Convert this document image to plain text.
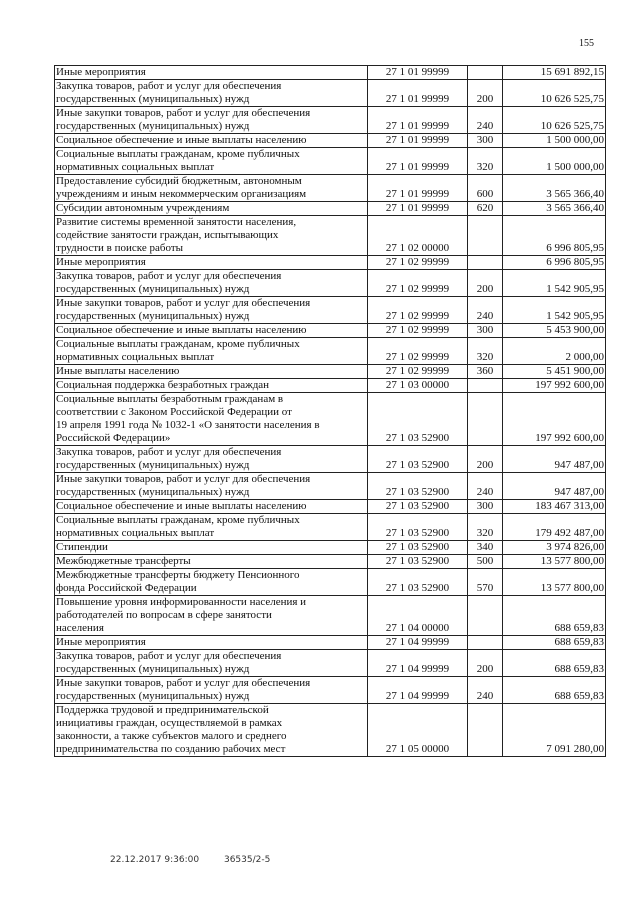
155
Иные мероприятия	27 1 01 99999		15 691 892,15
Закупка товаров, работ и услуг для обеспечения
государственных (муниципальных) нужд	27 1 01 99999	200	10 626 525,75
Иные закупки товаров, работ и услуг для обеспечения
государственных (муниципальных) нужд	27 1 01 99999	240	10 626 525,75
Социальное обеспечение и иные выплаты населению	27 1 01 99999	300	1 500 000,00
Социальные выплаты гражданам, кроме публичных
нормативных социальных выплат	27 1 01 99999	320	1 500 000,00
Предоставление субсидий бюджетным, автономным
учреждениям и иным некоммерческим организациям	27 1 01 99999	600	3 565 366,40
Субсидии автономным учреждениям	27 1 01 99999	620	3 565 366,40
Развитие системы временной занятости населения,
содействие занятости граждан, испытывающих
трудности в поиске работы	27 1 02 00000		6 996 805,95
Иные мероприятия	27 1 02 99999		6 996 805,95
Закупка товаров, работ и услуг для обеспечения
государственных (муниципальных) нужд	27 1 02 99999	200	1 542 905,95
Иные закупки товаров, работ и услуг для обеспечения
государственных (муниципальных) нужд	27 1 02 99999	240	1 542 905,95
Социальное обеспечение и иные выплаты населению	27 1 02 99999	300	5 453 900,00
Социальные выплаты гражданам, кроме публичных
нормативных социальных выплат	27 1 02 99999	320	2 000,00
Иные выплаты населению	27 1 02 99999	360	5 451 900,00
Социальная поддержка безработных граждан	27 1 03 00000		197 992 600,00
Социальные выплаты безработным гражданам в
соответствии с Законом Российской Федерации от
19 апреля 1991 года № 1032-1 «О занятости населения в
Российской Федерации»	27 1 03 52900		197 992 600,00
Закупка товаров, работ и услуг для обеспечения
государственных (муниципальных) нужд	27 1 03 52900	200	947 487,00
Иные закупки товаров, работ и услуг для обеспечения
государственных (муниципальных) нужд	27 1 03 52900	240	947 487,00
Социальное обеспечение и иные выплаты населению	27 1 03 52900	300	183 467 313,00
Социальные выплаты гражданам, кроме публичных
нормативных социальных выплат	27 1 03 52900	320	179 492 487,00
Стипендии	27 1 03 52900	340	3 974 826,00
Межбюджетные трансферты	27 1 03 52900	500	13 577 800,00
Межбюджетные трансферты бюджету Пенсионного
фонда Российской Федерации	27 1 03 52900	570	13 577 800,00
Повышение уровня информированности населения и
работодателей по вопросам в сфере занятости
населения	27 1 04 00000		688 659,83
Иные мероприятия	27 1 04 99999		688 659,83
Закупка товаров, работ и услуг для обеспечения
государственных (муниципальных) нужд	27 1 04 99999	200	688 659,83
Иные закупки товаров, работ и услуг для обеспечения
государственных (муниципальных) нужд	27 1 04 99999	240	688 659,83
Поддержка трудовой и предпринимательской
инициативы граждан, осуществляемой в рамках
законности, а также субъектов малого и среднего
предпринимательства по созданию рабочих мест	27 1 05 00000		7 091 280,00
22.12.2017 9:36:00	36535/2-5
